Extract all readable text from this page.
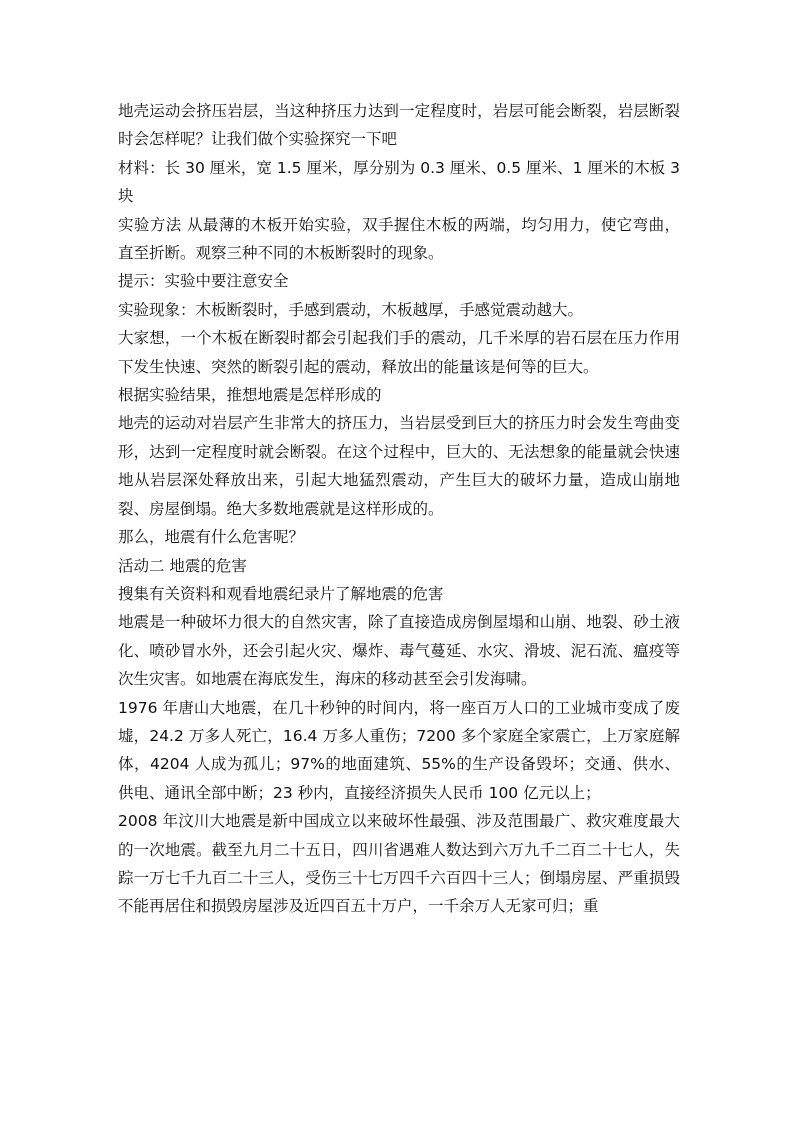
地壳运动会挤压岩层，当这种挤压力达到一定程度时，岩层可能会断裂，岩层断裂时会怎样呢？让我们做个实验探究一下吧

材料：长 30 厘米，宽 1.5 厘米，厚分别为 0.3 厘米、0.5 厘米、1 厘米的木板 3 块

实验方法 从最薄的木板开始实验，双手握住木板的两端，均匀用力，使它弯曲，直至折断。观察三种不同的木板断裂时的现象。

提示：实验中要注意安全

实验现象：木板断裂时，手感到震动，木板越厚，手感觉震动越大。

大家想，一个木板在断裂时都会引起我们手的震动，几千米厚的岩石层在压力作用下发生快速、突然的断裂引起的震动，释放出的能量该是何等的巨大。

根据实验结果，推想地震是怎样形成的

地壳的运动对岩层产生非常大的挤压力，当岩层受到巨大的挤压力时会发生弯曲变形，达到一定程度时就会断裂。在这个过程中，巨大的、无法想象的能量就会快速地从岩层深处释放出来，引起大地猛烈震动，产生巨大的破坏力量，造成山崩地裂、房屋倒塌。绝大多数地震就是这样形成的。

那么，地震有什么危害呢？

活动二 地震的危害

搜集有关资料和观看地震纪录片了解地震的危害

地震是一种破坏力很大的自然灾害，除了直接造成房倒屋塌和山崩、地裂、砂土液化、喷砂冒水外，还会引起火灾、爆炸、毒气蔓延、水灾、滑坡、泥石流、瘟疫等次生灾害。如地震在海底发生，海床的移动甚至会引发海啸。

1976 年唐山大地震，在几十秒钟的时间内，将一座百万人口的工业城市变成了废墟，24.2 万多人死亡，16.4 万多人重伤；7200 多个家庭全家震亡，上万家庭解体，4204 人成为孤儿；97%的地面建筑、55%的生产设备毁坏；交通、供水、供电、通讯全部中断；23 秒内，直接经济损失人民币 100 亿元以上；

2008 年汶川大地震是新中国成立以来破坏性最强、涉及范围最广、救灾难度最大的一次地震。截至九月二十五日，四川省遇难人数达到六万九千二百二十七人，失踪一万七千九百二十三人，受伤三十七万四千六百四十三人；倒塌房屋、严重损毁不能再居住和损毁房屋涉及近四百五十万户，一千余万人无家可归；重
